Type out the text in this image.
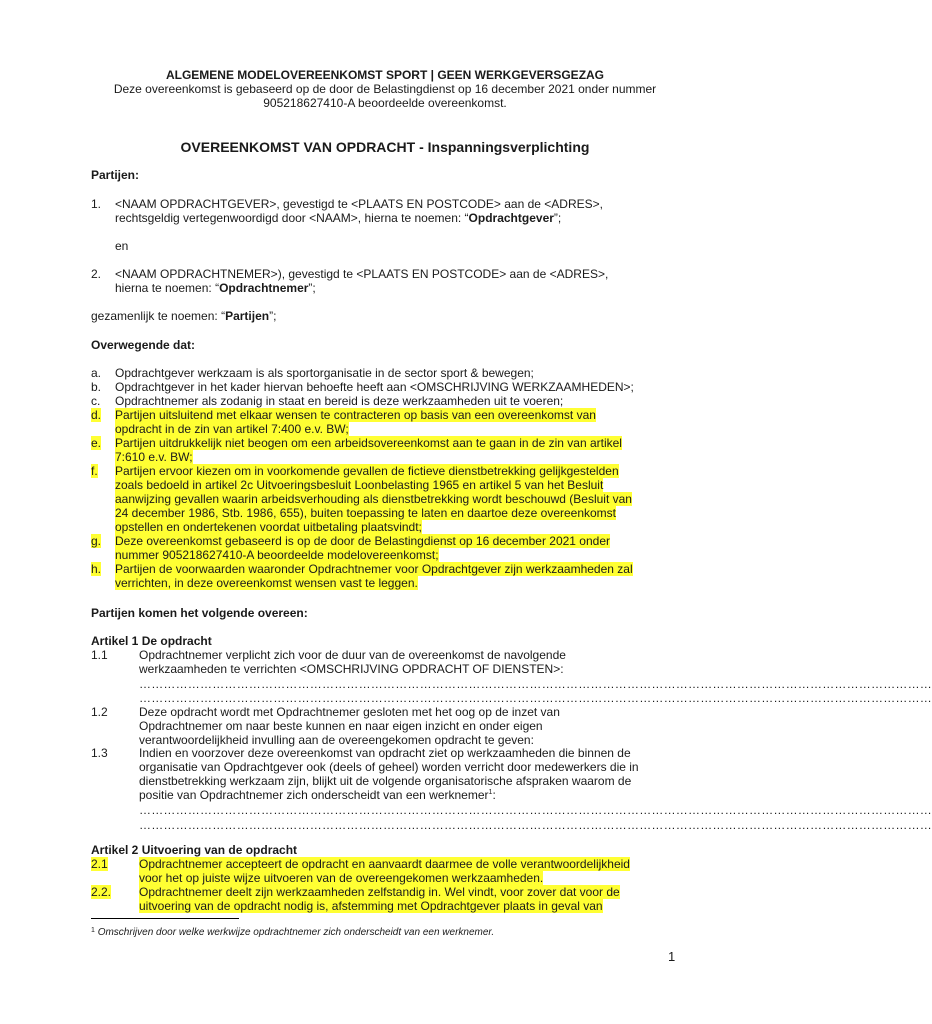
ALGEMENE MODELOVEREENKOMST SPORT | GEEN WERKGEVERSGEZAG
Deze overeenkomst is gebaseerd op de door de Belastingdienst op 16 december 2021 onder nummer
905218627410-A beoordeelde overeenkomst.
OVEREENKOMST VAN OPDRACHT - Inspanningsverplichting
Partijen:
1. <NAAM OPDRACHTGEVER>, gevestigd te <PLAATS EN POSTCODE> aan de <ADRES>,
rechtsgeldig vertegenwoordigd door <NAAM>, hierna te noemen: “Opdrachtgever”;
en
2. <NAAM OPDRACHTNEMER>), gevestigd te <PLAATS EN POSTCODE> aan de <ADRES>,
hierna te noemen: “Opdrachtnemer”;
gezamenlijk te noemen: “Partijen”;
Overwegende dat:
a. Opdrachtgever werkzaam is als sportorganisatie in de sector sport & bewegen;
b. Opdrachtgever in het kader hiervan behoefte heeft aan <OMSCHRIJVING WERKZAAMHEDEN>;
c. Opdrachtnemer als zodanig in staat en bereid is deze werkzaamheden uit te voeren;
d. Partijen uitsluitend met elkaar wensen te contracteren op basis van een overeenkomst van
opdracht in de zin van artikel 7:400 e.v. BW;
e. Partijen uitdrukkelijk niet beogen om een arbeidsovereenkomst aan te gaan in de zin van artikel
7:610 e.v. BW;
f. Partijen ervoor kiezen om in voorkomende gevallen de fictieve dienstbetrekking gelijkgestelden
zoals bedoeld in artikel 2c Uitvoeringsbesluit Loonbelasting 1965 en artikel 5 van het Besluit
aanwijzing gevallen waarin arbeidsverhouding als dienstbetrekking wordt beschouwd (Besluit van
24 december 1986, Stb. 1986, 655), buiten toepassing te laten en daartoe deze overeenkomst
opstellen en ondertekenen voordat uitbetaling plaatsvindt;
g. Deze overeenkomst gebaseerd is op de door de Belastingdienst op 16 december 2021 onder
nummer 905218627410-A beoordeelde modelovereenkomst;
h. Partijen de voorwaarden waaronder Opdrachtnemer voor Opdrachtgever zijn werkzaamheden zal
verrichten, in deze overeenkomst wensen vast te leggen.
Partijen komen het volgende overeen:
Artikel 1 De opdracht
1.1	Opdrachtnemer verplicht zich voor de duur van de overeenkomst de navolgende
werkzaamheden te verrichten <OMSCHRIJVING OPDRACHT OF DIENSTEN>:
……………………………………………………………………………………………………………………………………………………………………………
……………………………………………………………………………………………………………………………………………………………………………
1.2	Deze opdracht wordt met Opdrachtnemer gesloten met het oog op de inzet van
Opdrachtnemer om naar beste kunnen en naar eigen inzicht en onder eigen
verantwoordelijkheid invulling aan de overeengekomen opdracht te geven:
1.3	Indien en voorzover deze overeenkomst van opdracht ziet op werkzaamheden die binnen de
organisatie van Opdrachtgever ook (deels of geheel) worden verricht door medewerkers die in
dienstbetrekking werkzaam zijn, blijkt uit de volgende organisatorische afspraken waarom de
positie van Opdrachtnemer zich onderscheidt van een werknemer$^1$:
……………………………………………………………………………………………………………………………………………………………………………
……………………………………………………………………………………………………………………………………………………………………………
Artikel 2 Uitvoering van de opdracht
2.1	Opdrachtnemer accepteert de opdracht en aanvaardt daarmee de volle verantwoordelijkheid
voor het op juiste wijze uitvoeren van de overeengekomen werkzaamheden.
2.2. Opdrachtnemer deelt zijn werkzaamheden zelfstandig in. Wel vindt, voor zover dat voor de
uitvoering van de opdracht nodig is, afstemming met Opdrachtgever plaats in geval van
$^1$ Omschrijven door welke werkwijze opdrachtnemer zich onderscheidt van een werknemer.
1
